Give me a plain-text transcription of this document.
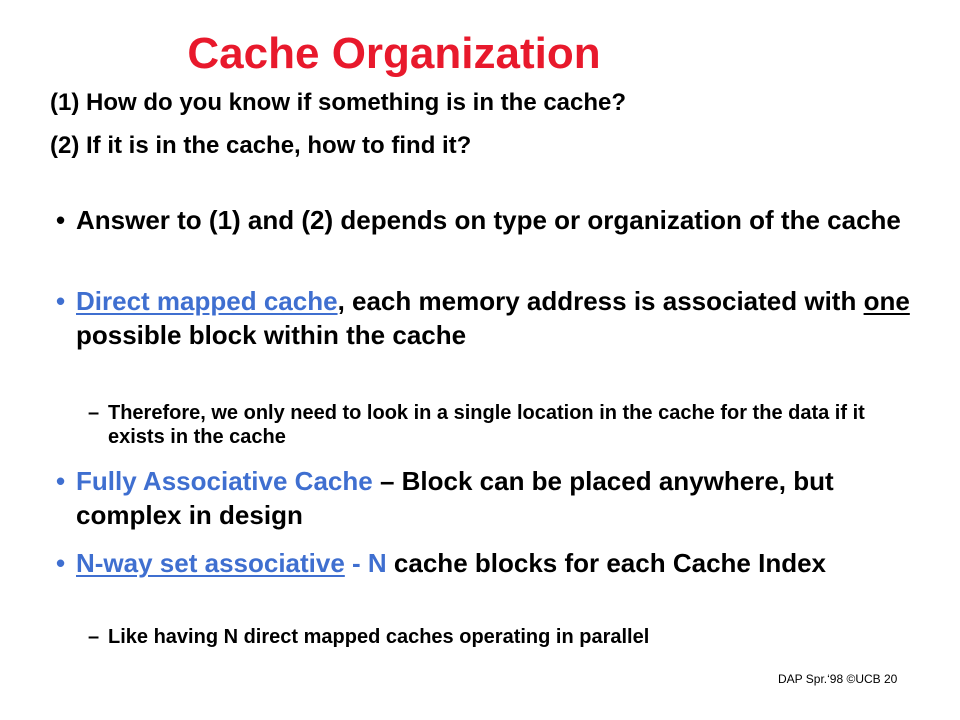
Cache Organization
(1) How do you know if something is in the cache?
(2) If it is in the cache, how to find it?
• Answer to (1) and (2) depends on type or organization of the cache
• Direct mapped cache, each memory address is associated with one possible block within the cache
– Therefore, we only need to look in a single location in the cache for the data if it exists in the cache
• Fully Associative Cache – Block can be placed anywhere, but complex in design
• N-way set associative - N cache blocks for each Cache Index
– Like having N direct mapped caches operating in parallel
DAP Spr.‘98 ©UCB 20
